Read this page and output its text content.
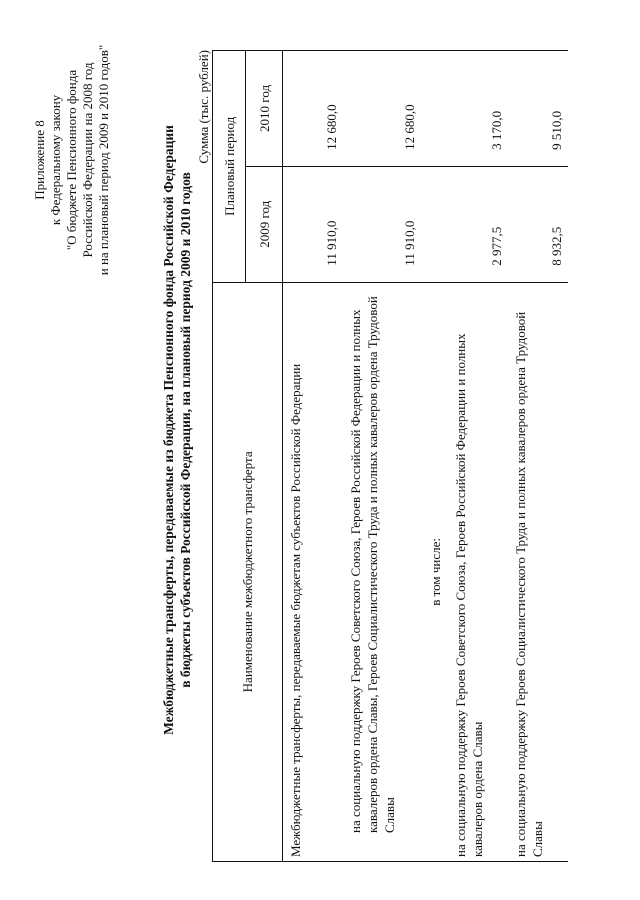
Приложение 8 к Федеральному закону "О бюджете Пенсионного фонда Российской Федерации на 2008 год и на плановый период 2009 и 2010 годов"	Межбюджетные трансферты, передаваемые из бюджета Пенсионного фонда Российской Федерации в бюджеты субъектов Российской Федерации, на плановый период 2009 и 2010 годов
Сумма (тыс. рублей)
Наименование межбюджетного трансферта	Плановый период	
	2009 год	2010 год
Межбюджетные трансферты, передаваемые бюджетам субъектов Российской Федерации	11 910,0	12 680,0
на социальную поддержку Героев Советского Союза, Героев Российской Федерации и полных кавалеров ордена Славы, Героев Социалистического Труда и полных кавалеров ордена Трудовой Славы	11 910,0	12 680,0
в том числе:		
на социальную поддержку Героев Советского Союза, Героев Российской Федерации и полных кавалеров ордена Славы	2 977,5	3 170,0
на социальную поддержку Героев Социалистического Труда и полных кавалеров ордена Трудовой Славы	8 932,5	9 510,0
